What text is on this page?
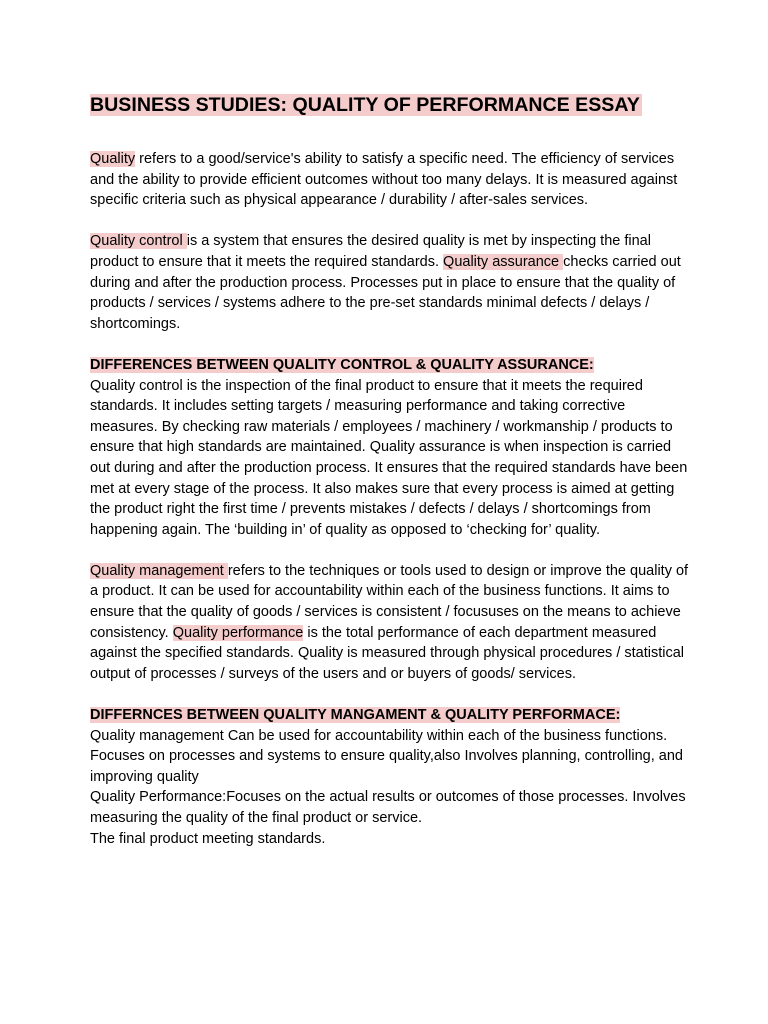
BUSINESS STUDIES: QUALITY OF PERFORMANCE ESSAY

Quality refers to a good/service's ability to satisfy a specific need. The efficiency of services and the ability to provide efficient outcomes without too many delays. It is measured against specific criteria such as physical appearance / durability / after-sales services.

Quality control is a system that ensures the desired quality is met by inspecting the final product to ensure that it meets the required standards. Quality assurance checks carried out during and after the production process. Processes put in place to ensure that the quality of products / services / systems adhere to the pre-set standards minimal defects / delays / shortcomings.

DIFFERENCES BETWEEN QUALITY CONTROL & QUALITY ASSURANCE:

Quality control is the inspection of the final product to ensure that it meets the required standards. It includes setting targets / measuring performance and taking corrective measures. By checking raw materials / employees / machinery / workmanship / products to ensure that high standards are maintained. Quality assurance is when inspection is carried out during and after the production process. It ensures that the required standards have been met at every stage of the process. It also makes sure that every process is aimed at getting the product right the first time / prevents mistakes / defects / delays / shortcomings from happening again. The ‘building in’ of quality as opposed to ‘checking for’ quality.

Quality management refers to the techniques or tools used to design or improve the quality of a product. It can be used for accountability within each of the business functions. It aims to ensure that the quality of goods / services is consistent / focususes on the means to achieve consistency. Quality performance is the total performance of each department measured against the specified standards. Quality is measured through physical procedures / statistical output of processes / surveys of the users and or buyers of goods/ services.

DIFFERNCES BETWEEN QUALITY MANGAMENT & QUALITY PERFORMACE:

Quality management Can be used for accountability within each of the business functions. Focuses on processes and systems to ensure quality,also Involves planning, controlling, and improving quality

Quality Performance:Focuses on the actual results or outcomes of those processes. Involves measuring the quality of the final product or service.

The final product meeting standards.
